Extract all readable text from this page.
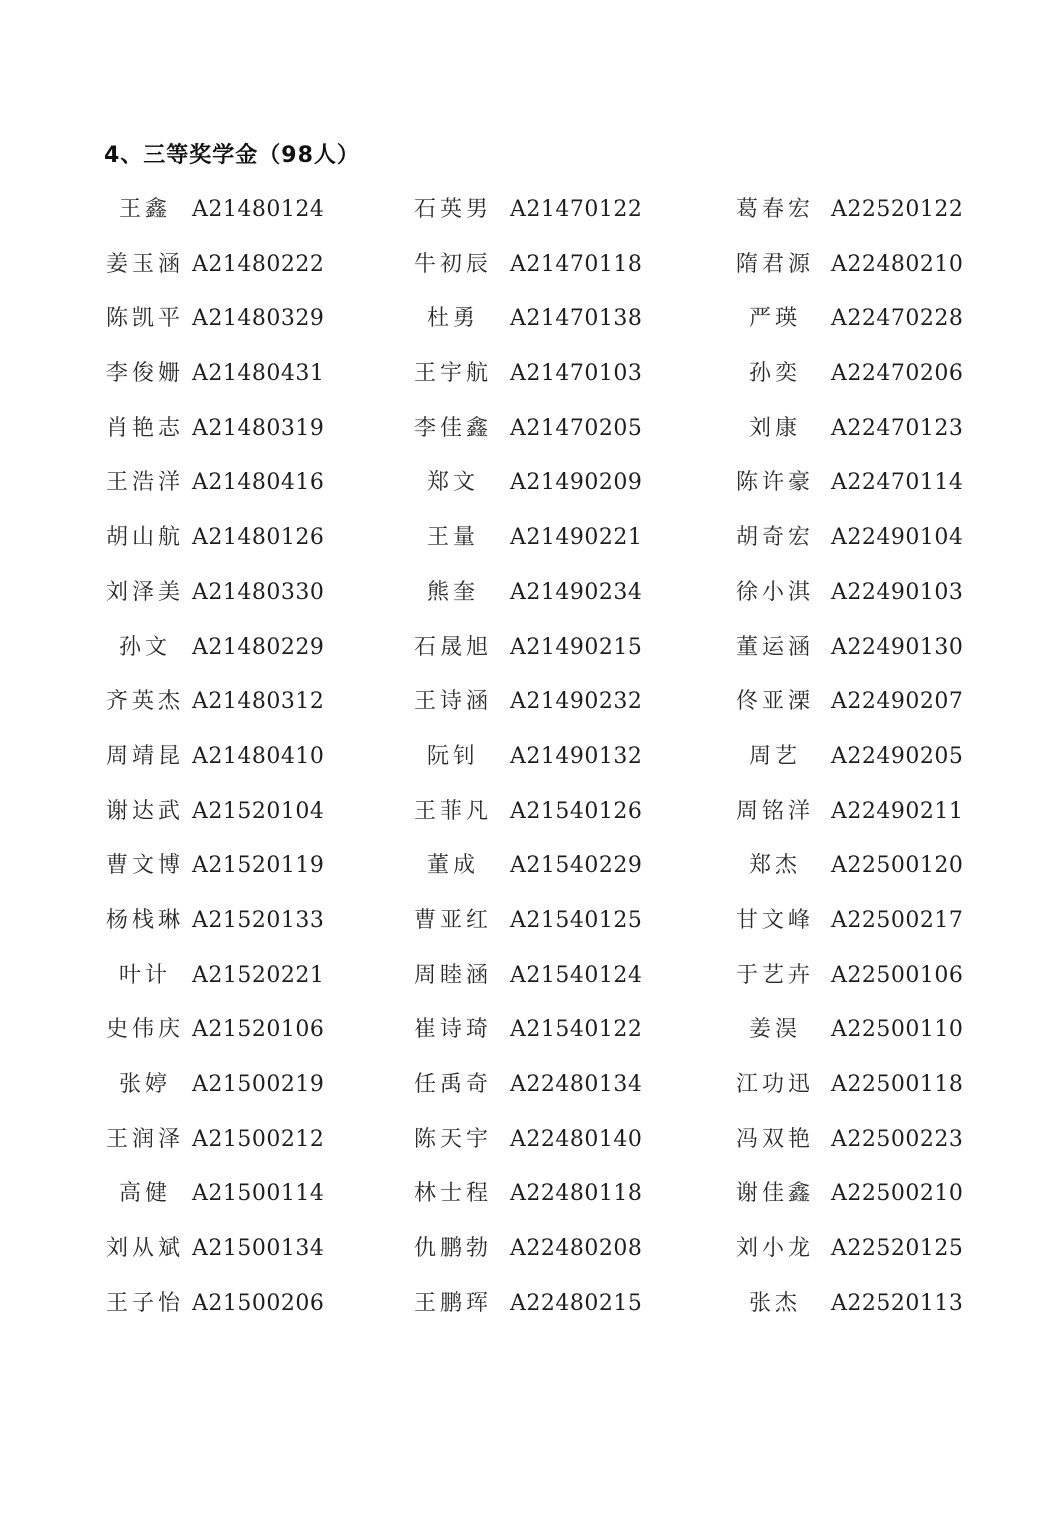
4、三等奖学金（98人）
王鑫 A21480124	石英男 A21470122	葛春宏 A22520122
姜玉涵 A21480222	牛初辰 A21470118	隋君源 A22480210
陈凯平 A21480329	杜勇	A21470138	严瑛	A22470228
李俊姗 A21480431	王宇航 A21470103	孙奕	A22470206
肖艳志 A21480319	李佳鑫 A21470205	刘康	A22470123
王浩洋 A21480416	郑文	A21490209	陈许豪 A22470114
胡山航 A21480126	王量	A21490221	胡奇宏 A22490104
刘泽美 A21480330	熊奎	A21490234	徐小淇 A22490103
孙文 A21480229	石晟旭 A21490215	董运涵 A22490130
齐英杰 A21480312	王诗涵 A21490232	佟亚溧 A22490207
周靖昆 A21480410	阮钊	A21490132	周艺	A22490205
谢达武 A21520104	王菲凡 A21540126	周铭洋 A22490211
曹文博 A21520119	董成	A21540229	郑杰	A22500120
杨栈琳 A21520133	曹亚红 A21540125	甘文峰 A22500217
叶计 A21520221	周睦涵 A21540124	于艺卉 A22500106
史伟庆 A21520106	崔诗琦 A21540122	姜淏	A22500110
张婷 A21500219	任禹奇 A22480134	江功迅 A22500118
王润泽 A21500212	陈天宇 A22480140	冯双艳 A22500223
高健 A21500114	林士程 A22480118	谢佳鑫 A22500210
刘从斌 A21500134	仇鹏勃 A22480208	刘小龙 A22520125
王子怡 A21500206	王鹏珲 A22480215	张杰	A22520113
